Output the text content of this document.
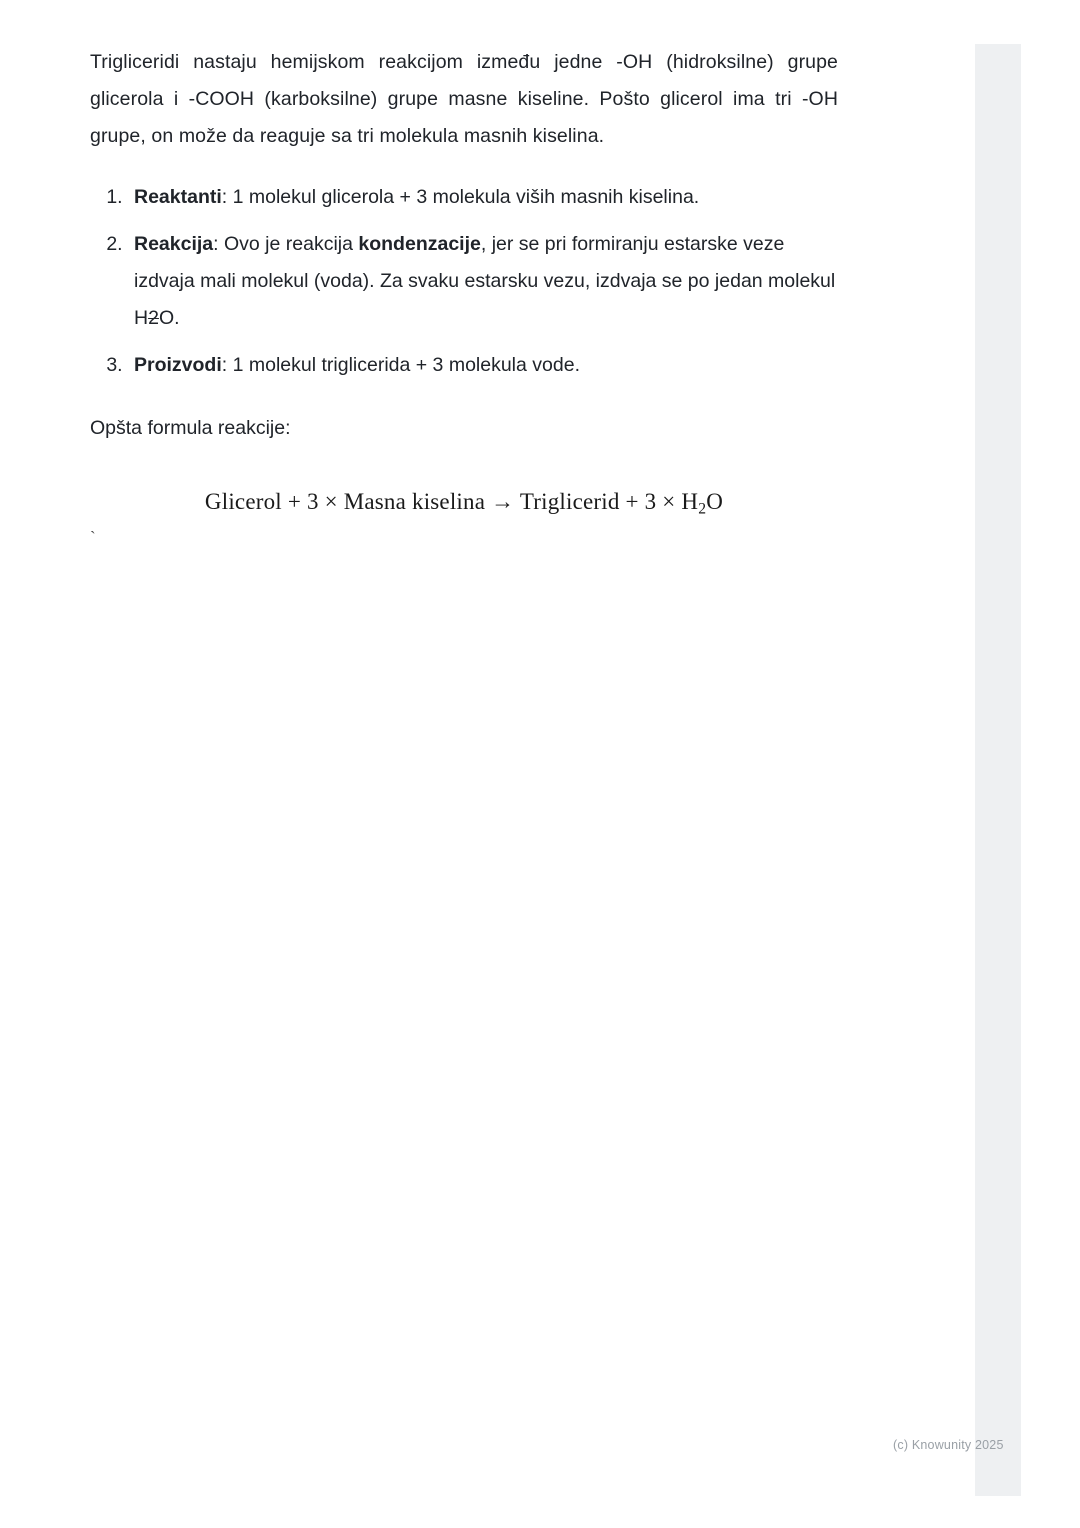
Trigliceridi nastaju hemijskom reakcijom između jedne -OH (hidroksilne) grupe glicerola i -COOH (karboksilne) grupe masne kiseline. Pošto glicerol ima tri -OH grupe, on može da reaguje sa tri molekula masnih kiselina.

1. Reaktanti: 1 molekul glicerola + 3 molekula viših masnih kiselina.
2. Reakcija: Ovo je reakcija kondenzacije, jer se pri formiranju estarske veze izdvaja mali molekul (voda). Za svaku estarsku vezu, izdvaja se po jedan molekul H2O.
3. Proizvodi: 1 molekul triglicerida + 3 molekula vode.

Opšta formula reakcije:

Glicerol + 3 × Masna kiselina → Triglicerid + $3 \times H_2O$
`
(c) Knowunity 2025
